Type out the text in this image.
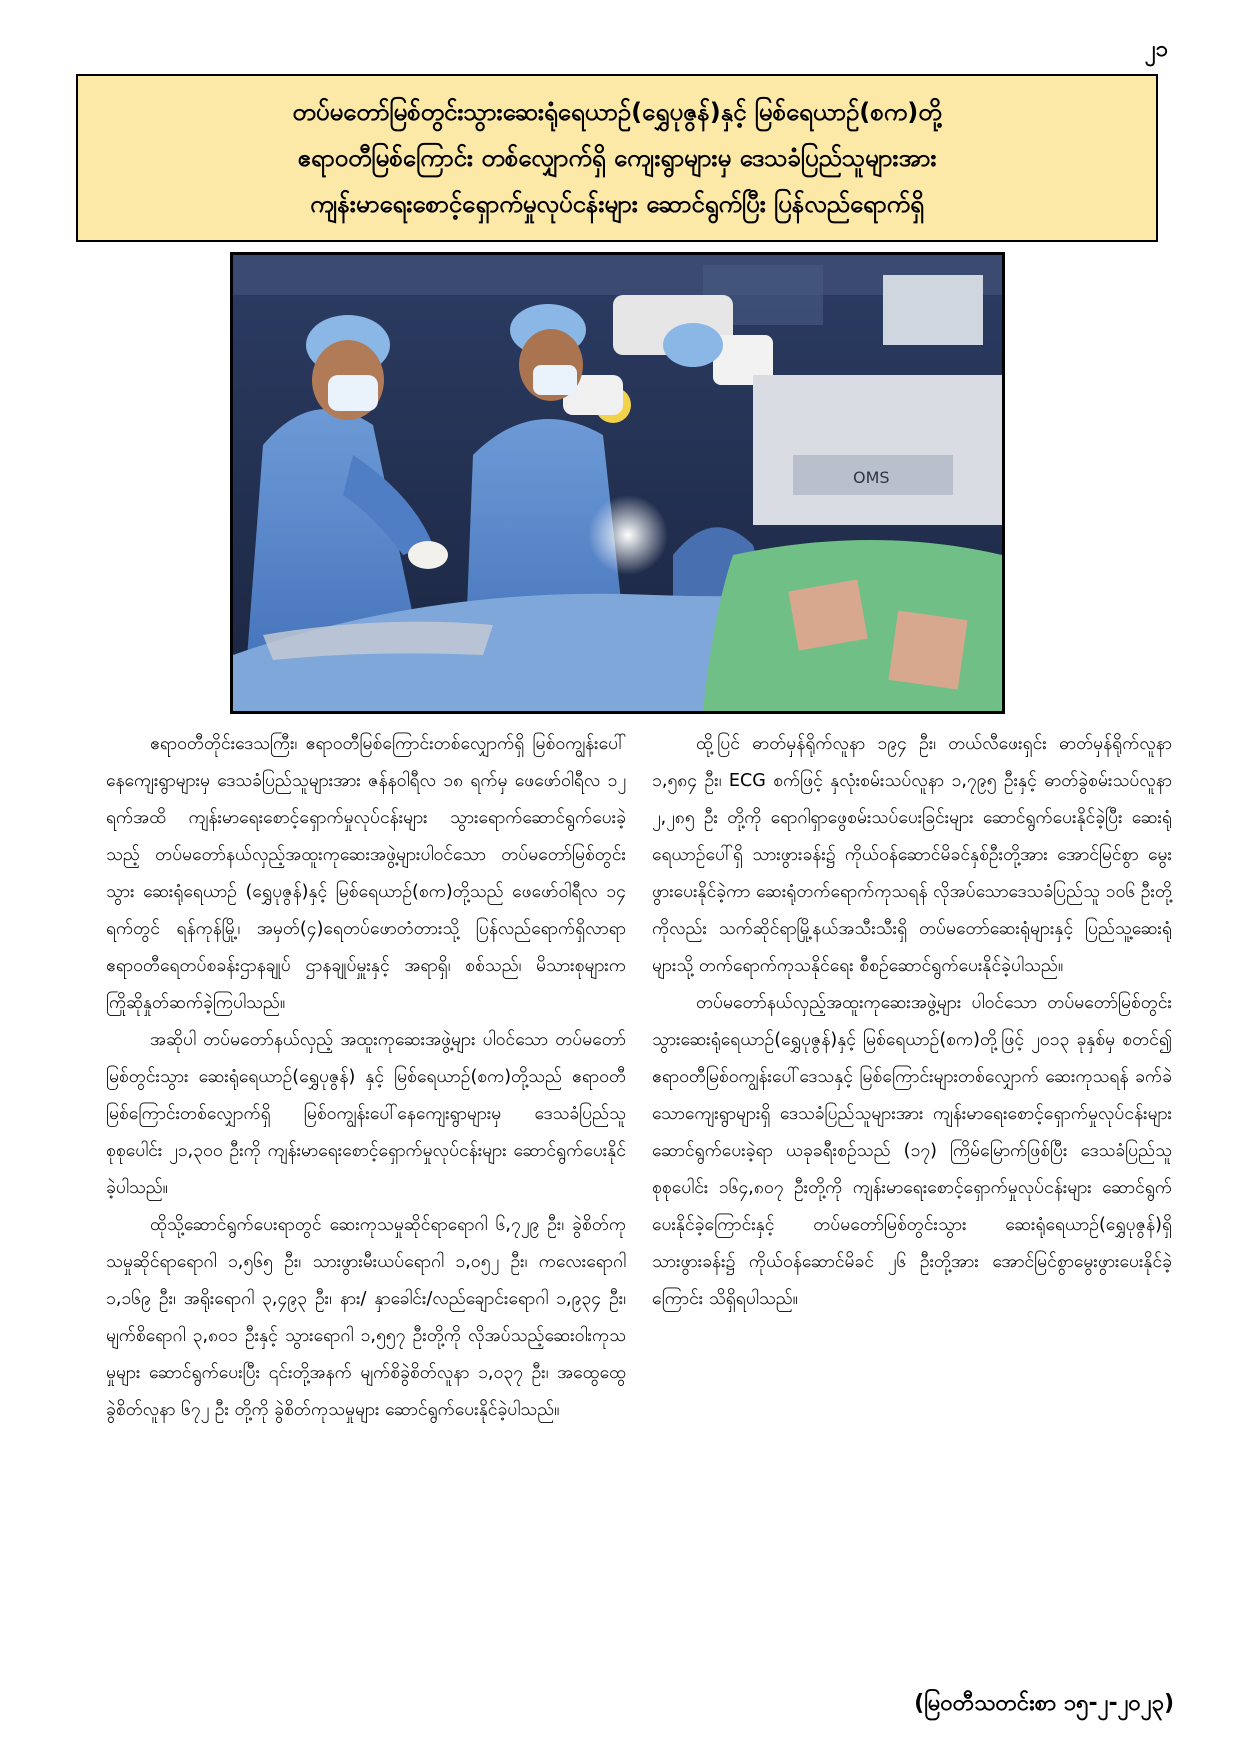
၂၁
တပ်မတော်မြစ်တွင်းသွားဆေးရုံရေယာဉ်(ရွှေပုဇွန်)နှင့် မြစ်ရေယာဉ်(စက)တို့
ဧရာဝတီမြစ်ကြောင်း တစ်လျှောက်ရှိ ကျေးရွာများမှ ဒေသခံပြည်သူများအား
ကျန်းမာရေးစောင့်ရှောက်မှုလုပ်ငန်းများ ဆောင်ရွက်ပြီး ပြန်လည်ရောက်ရှိ
OMS

ဧရာဝတီတိုင်းဒေသကြီး၊ ဧရာဝတီမြစ်ကြောင်းတစ်လျှောက်ရှိ မြစ်ဝကျွန်းပေါ်နေကျေးရွာများမှ ဒေသခံပြည်သူများအား ဇန်နဝါရီလ ၁၈ ရက်မှ ဖေဖော်ဝါရီလ ၁၂ ရက်အထိ ကျန်းမာရေးစောင့်ရှောက်မှုလုပ်ငန်းများ သွားရောက်ဆောင်ရွက်ပေးခဲ့သည့် တပ်မတော်နယ်လှည့်အထူးကုဆေးအဖွဲ့များပါဝင်သော တပ်မတော်မြစ်တွင်းသွား ဆေးရုံရေယာဉ် (ရွှေပုဇွန်)နှင့် မြစ်ရေယာဉ်(စက)တို့သည် ဖေဖော်ဝါရီလ ၁၄ ရက်တွင် ရန်ကုန်မြို့၊ အမှတ်(၄)ရေတပ်ဖောတံတားသို့ ပြန်လည်ရောက်ရှိလာရာ ဧရာဝတီရေတပ်စခန်းဌာနချုပ် ဌာနချုပ်မှူးနှင့် အရာရှိ၊ စစ်သည်၊ မိသားစုများက ကြိုဆိုနှုတ်ဆက်ခဲ့ကြပါသည်။

အဆိုပါ တပ်မတော်နယ်လှည့် အထူးကုဆေးအဖွဲ့များ ပါဝင်သော တပ်မတော်မြစ်တွင်းသွား ဆေးရုံရေယာဉ်(ရွှေပုဇွန်) နှင့် မြစ်ရေယာဉ်(စက)တို့သည် ဧရာဝတီမြစ်ကြောင်းတစ်လျှောက်ရှိ မြစ်ဝကျွန်းပေါ်နေကျေးရွာများမှ ဒေသခံပြည်သူ စုစုပေါင်း ၂၁,၃၀၀ ဦးကို ကျန်းမာရေးစောင့်ရှောက်မှုလုပ်ငန်းများ ဆောင်ရွက်ပေးနိုင်ခဲ့ပါသည်။

ထိုသို့ဆောင်ရွက်ပေးရာတွင် ဆေးကုသမှုဆိုင်ရာရောဂါ ၆,၇၂၉ ဦး၊ ခွဲစိတ်ကုသမှုဆိုင်ရာရောဂါ ၁,၅၆၅ ဦး၊ သားဖွားမီးယပ်ရောဂါ ၁,၀၅၂ ဦး၊ ကလေးရောဂါ ၁,၁၆၉ ဦး၊ အရိုးရောဂါ ၃,၄၉၃ ဦး၊ နား/ နှာခေါင်း/လည်ချောင်းရောဂါ ၁,၉၃၄ ဦး၊ မျက်စိရောဂါ ၃,၈၀၁ ဦးနှင့် သွားရောဂါ ၁,၅၅၇ ဦးတို့ကို လိုအပ်သည့်ဆေးဝါးကုသမှုများ ဆောင်ရွက်ပေးပြီး ၎င်းတို့အနက် မျက်စိခွဲစိတ်လူနာ ၁,၀၃၇ ဦး၊ အထွေထွေခွဲစိတ်လူနာ ၆၇၂ ဦး တို့ကို ခွဲစိတ်ကုသမှုများ ဆောင်ရွက်ပေးနိုင်ခဲ့ပါသည်။

ထို့ပြင် ဓာတ်မှန်ရိုက်လူနာ ၁၉၄ ဦး၊ တယ်လီဖေးရှင်း ဓာတ်မှန်ရိုက်လူနာ ၁,၅၈၄ ဦး၊ ECG စက်ဖြင့် နှလုံးစမ်းသပ်လူနာ ၁,၇၉၅ ဦးနှင့် ဓာတ်ခွဲစမ်းသပ်လူနာ ၂,၂၈၅ ဦး တို့ကို ရောဂါရှာဖွေစမ်းသပ်ပေးခြင်းများ ဆောင်ရွက်ပေးနိုင်ခဲ့ပြီး ဆေးရုံရေယာဉ်ပေါ်ရှိ သားဖွားခန်း၌ ကိုယ်ဝန်ဆောင်မိခင်နှစ်ဦးတို့အား အောင်မြင်စွာ မွေးဖွားပေးနိုင်ခဲ့ကာ ဆေးရုံတက်ရောက်ကုသရန် လိုအပ်သောဒေသခံပြည်သူ ၁၀၆ ဦးတို့ကိုလည်း သက်ဆိုင်ရာမြို့နယ်အသီးသီးရှိ တပ်မတော်ဆေးရုံများနှင့် ပြည်သူ့ဆေးရုံများသို့ တက်ရောက်ကုသနိုင်ရေး စီစဉ်ဆောင်ရွက်ပေးနိုင်ခဲ့ပါသည်။

တပ်မတော်နယ်လှည့်အထူးကုဆေးအဖွဲ့များ ပါဝင်သော တပ်မတော်မြစ်တွင်းသွားဆေးရုံရေယာဉ်(ရွှေပုဇွန်)နှင့် မြစ်ရေယာဉ်(စက)တို့ဖြင့် ၂၀၁၃ ခုနှစ်မှ စတင်၍ ဧရာဝတီမြစ်ဝကျွန်းပေါ်ဒေသနှင့် မြစ်ကြောင်းများတစ်လျှောက် ဆေးကုသရန် ခက်ခဲသောကျေးရွာများရှိ ဒေသခံပြည်သူများအား ကျန်းမာရေးစောင့်ရှောက်မှုလုပ်ငန်းများ ဆောင်ရွက်ပေးခဲ့ရာ ယခုခရီးစဉ်သည် (၁၇) ကြိမ်မြောက်ဖြစ်ပြီး ဒေသခံပြည်သူ စုစုပေါင်း ၁၆၄,၈၀၇ ဦးတို့ကို ကျန်းမာရေးစောင့်ရှောက်မှုလုပ်ငန်းများ ဆောင်ရွက်ပေးနိုင်ခဲ့ကြောင်းနှင့် တပ်မတော်မြစ်တွင်းသွား ဆေးရုံရေယာဉ်(ရွှေပုဇွန်)ရှိ သားဖွားခန်း၌ ကိုယ်ဝန်ဆောင်မိခင် ၂၆ ဦးတို့အား အောင်မြင်စွာမွေးဖွားပေးနိုင်ခဲ့ကြောင်း သိရှိရပါသည်။

(မြဝတီသတင်းစာ ၁၅-၂-၂၀၂၃)
